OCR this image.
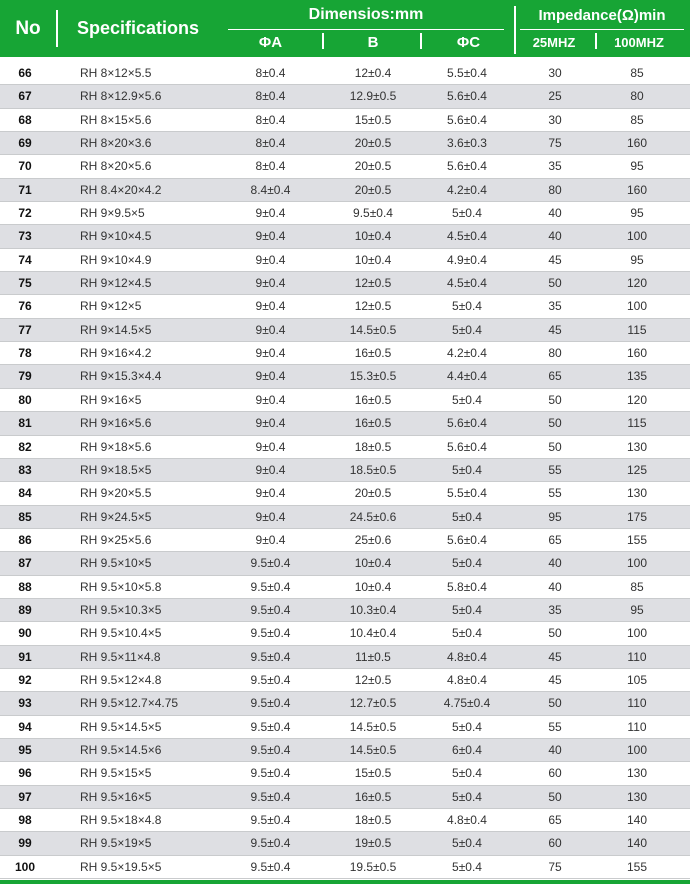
No	Specifications
Dimensios:mm	Impedance(Ω)min
ΦA	B	ΦC	25MHZ	100MHZ
66	RH 8×12×5.5	8±0.4	12±0.4	5.5±0.4	30	85
67	RH 8×12.9×5.6	8±0.4	12.9±0.5	5.6±0.4	25	80
68	RH 8×15×5.6	8±0.4	15±0.5	5.6±0.4	30	85
69	RH 8×20×3.6	8±0.4	20±0.5	3.6±0.3	75	160
70	RH 8×20×5.6	8±0.4	20±0.5	5.6±0.4	35	95
71	RH 8.4×20×4.2	8.4±0.4	20±0.5	4.2±0.4	80	160
72	RH 9×9.5×5	9±0.4	9.5±0.4	5±0.4	40	95
73	RH 9×10×4.5	9±0.4	10±0.4	4.5±0.4	40	100
74	RH 9×10×4.9	9±0.4	10±0.4	4.9±0.4	45	95
75	RH 9×12×4.5	9±0.4	12±0.5	4.5±0.4	50	120
76	RH 9×12×5	9±0.4	12±0.5	5±0.4	35	100
77	RH 9×14.5×5	9±0.4	14.5±0.5	5±0.4	45	115
78	RH 9×16×4.2	9±0.4	16±0.5	4.2±0.4	80	160
79	RH 9×15.3×4.4	9±0.4	15.3±0.5	4.4±0.4	65	135
80	RH 9×16×5	9±0.4	16±0.5	5±0.4	50	120
81	RH 9×16×5.6	9±0.4	16±0.5	5.6±0.4	50	115
82	RH 9×18×5.6	9±0.4	18±0.5	5.6±0.4	50	130
83	RH 9×18.5×5	9±0.4	18.5±0.5	5±0.4	55	125
84	RH 9×20×5.5	9±0.4	20±0.5	5.5±0.4	55	130
85	RH 9×24.5×5	9±0.4	24.5±0.6	5±0.4	95	175
86	RH 9×25×5.6	9±0.4	25±0.6	5.6±0.4	65	155
87	RH 9.5×10×5	9.5±0.4	10±0.4	5±0.4	40	100
88	RH 9.5×10×5.8	9.5±0.4	10±0.4	5.8±0.4	40	85
89	RH 9.5×10.3×5	9.5±0.4	10.3±0.4	5±0.4	35	95
90	RH 9.5×10.4×5	9.5±0.4	10.4±0.4	5±0.4	50	100
91	RH 9.5×11×4.8	9.5±0.4	11±0.5	4.8±0.4	45	110
92	RH 9.5×12×4.8	9.5±0.4	12±0.5	4.8±0.4	45	105
93	RH 9.5×12.7×4.75	9.5±0.4	12.7±0.5	4.75±0.4	50	110
94	RH 9.5×14.5×5	9.5±0.4	14.5±0.5	5±0.4	55	110
95	RH 9.5×14.5×6	9.5±0.4	14.5±0.5	6±0.4	40	100
96	RH 9.5×15×5	9.5±0.4	15±0.5	5±0.4	60	130
97	RH 9.5×16×5	9.5±0.4	16±0.5	5±0.4	50	130
98	RH 9.5×18×4.8	9.5±0.4	18±0.5	4.8±0.4	65	140
99	RH 9.5×19×5	9.5±0.4	19±0.5	5±0.4	60	140
100	RH 9.5×19.5×5	9.5±0.4	19.5±0.5	5±0.4	75	155
